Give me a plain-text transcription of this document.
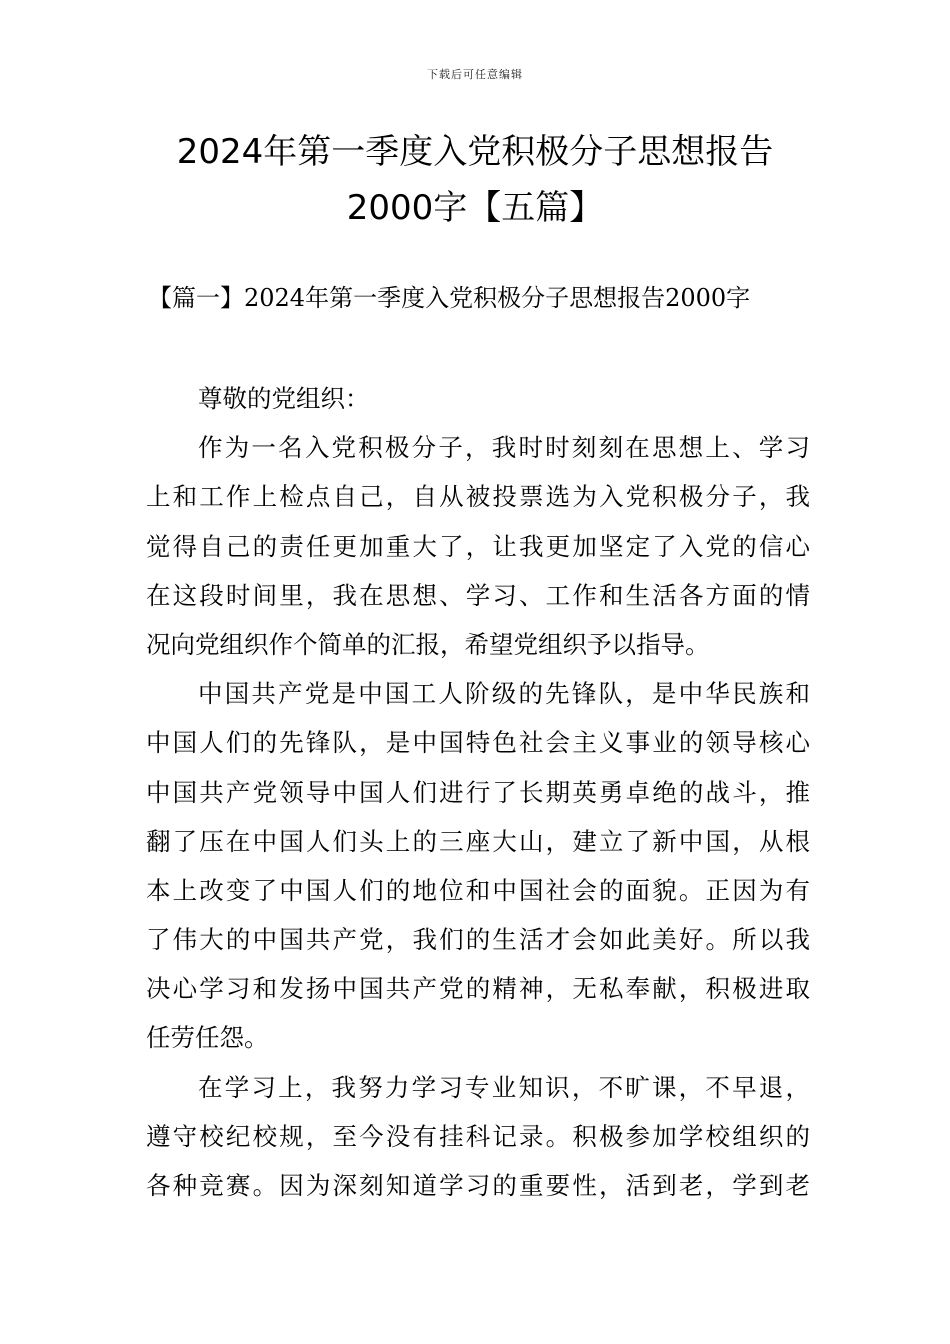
下载后可任意编辑
2024年第一季度入党积极分子思想报告
2000字【五篇】
【篇一】2024年第一季度入党积极分子思想报告2000字
尊敬的党组织：
作为一名入党积极分子，我时时刻刻在思想上、学习
上和工作上检点自己，自从被投票选为入党积极分子，我
觉得自己的责任更加重大了，让我更加坚定了入党的信心
在这段时间里，我在思想、学习、工作和生活各方面的情
况向党组织作个简单的汇报，希望党组织予以指导。
中国共产党是中国工人阶级的先锋队，是中华民族和
中国人们的先锋队，是中国特色社会主义事业的领导核心
中国共产党领导中国人们进行了长期英勇卓绝的战斗，推
翻了压在中国人们头上的三座大山，建立了新中国，从根
本上改变了中国人们的地位和中国社会的面貌。正因为有
了伟大的中国共产党，我们的生活才会如此美好。所以我
决心学习和发扬中国共产党的精神，无私奉献，积极进取
任劳任怨。
在学习上，我努力学习专业知识，不旷课，不早退，
遵守校纪校规，至今没有挂科记录。积极参加学校组织的
各种竞赛。因为深刻知道学习的重要性，活到老，学到老
